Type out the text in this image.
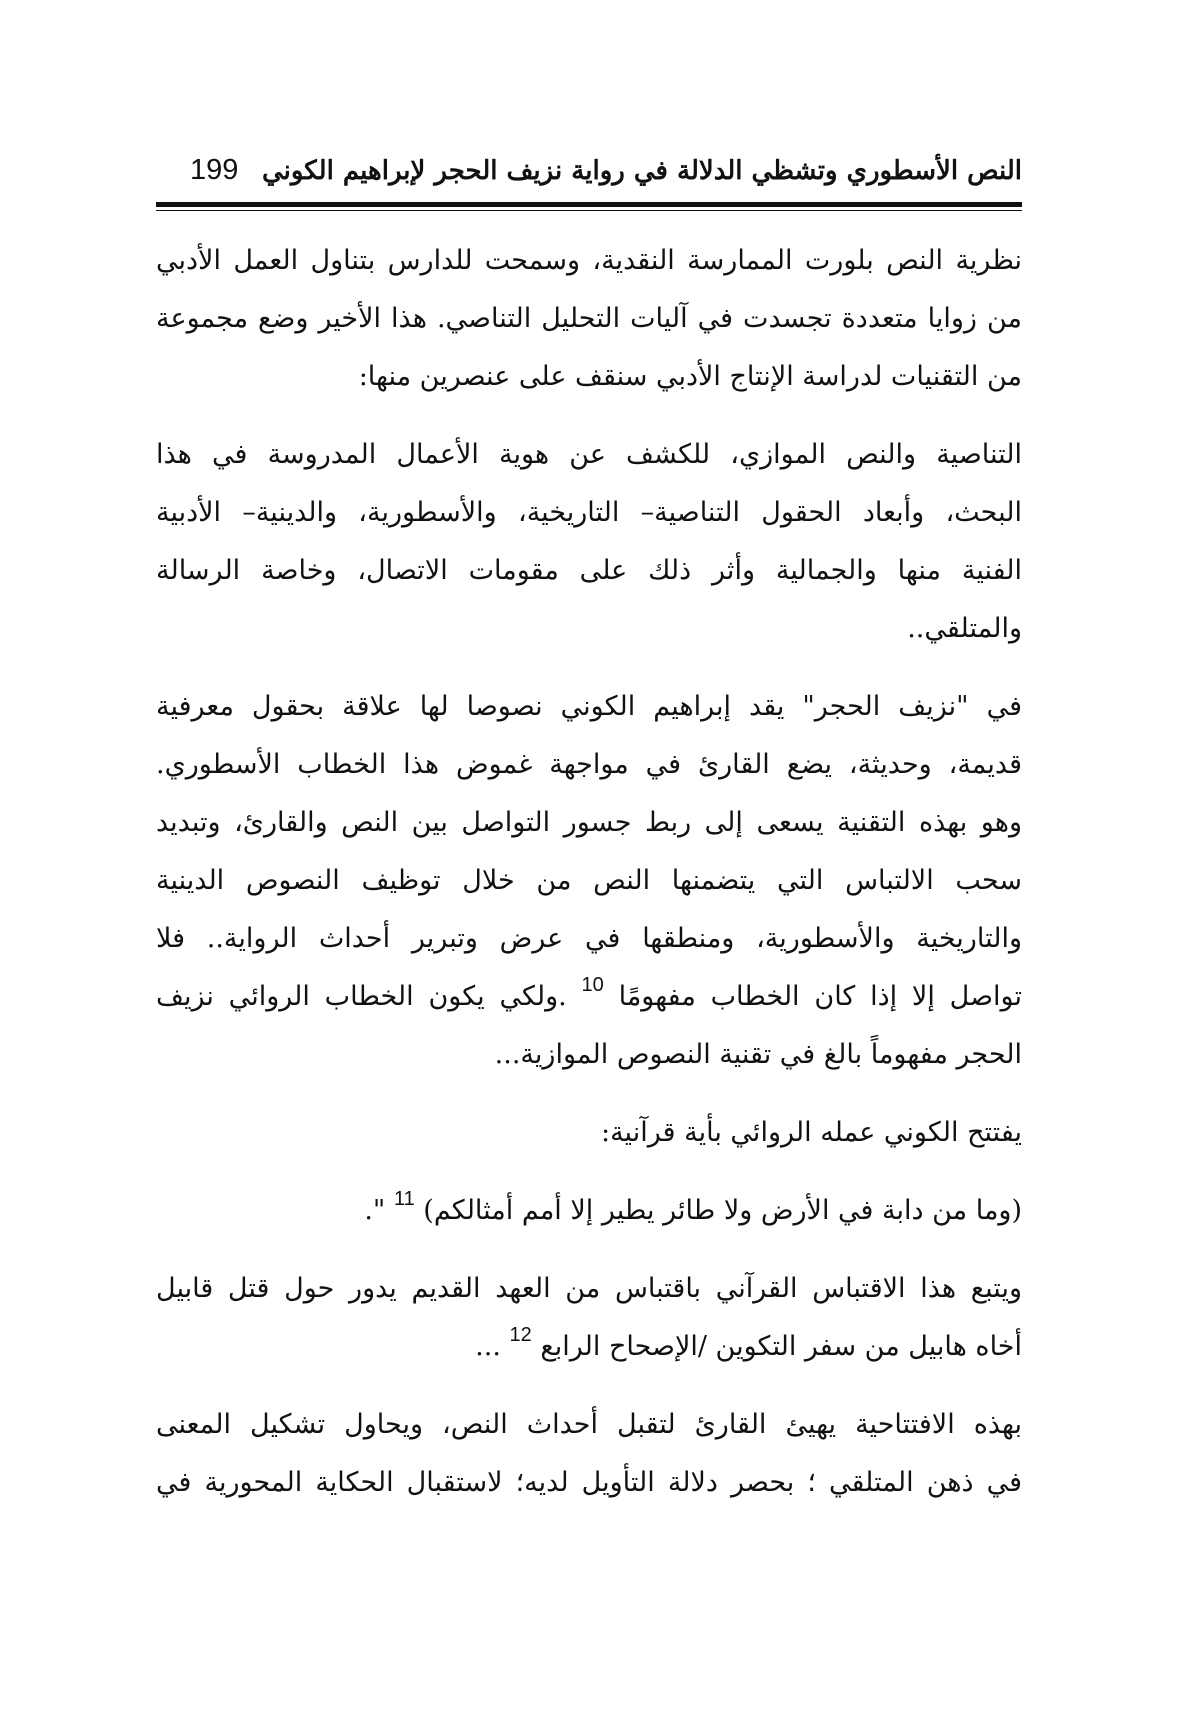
النص الأسطوري وتشظي الدلالة في رواية نزيف الحجر لإبراهيم الكوني
199
نظرية النص بلورت الممارسة النقدية، وسمحت للدارس بتناول العمل الأدبي
من زوايا متعددة تجسدت في آليات التحليل التناصي. هذا الأخير وضع مجموعة
من التقنيات لدراسة الإنتاج الأدبي سنقف على عنصرين منها:
التناصية والنص الموازي، للكشف عن هوية الأعمال المدروسة في هذا
البحث، وأبعاد الحقول التناصية– التاريخية، والأسطورية، والدينية– الأدبية
الفنية منها والجمالية وأثر ذلك على مقومات الاتصال، وخاصة الرسالة
والمتلقي..
في "نزيف الحجر" يقد إبراهيم الكوني نصوصا لها علاقة بحقول معرفية
قديمة، وحديثة، يضع القارئ في مواجهة غموض هذا الخطاب الأسطوري.
وهو بهذه التقنية يسعى إلى ربط جسور التواصل بين النص والقارئ، وتبديد
سحب الالتباس التي يتضمنها النص من خلال توظيف النصوص الدينية
والتاريخية والأسطورية، ومنطقها في عرض وتبرير أحداث الرواية.. فلا
تواصل إلا إذا كان الخطاب مفهومًا $^{10}$ .ولكي يكون الخطاب الروائي نزيف
الحجر مفهوماً بالغ في تقنية النصوص الموازية...
يفتتح الكوني عمله الروائي بأية قرآنية:
(وما من دابة في الأرض ولا طائر يطير إلا أمم أمثالكم) $^{11}$ ".
ويتبع هذا الاقتباس القرآني باقتباس من العهد القديم يدور حول قتل قابيل
أخاه هابيل من سفر التكوين /الإصحاح الرابع $^{12}$ ...
بهذه الافتتاحية يهيئ القارئ لتقبل أحداث النص، ويحاول تشكيل المعنى
في ذهن المتلقي ؛ بحصر دلالة التأويل لديه؛ لاستقبال الحكاية المحورية في
